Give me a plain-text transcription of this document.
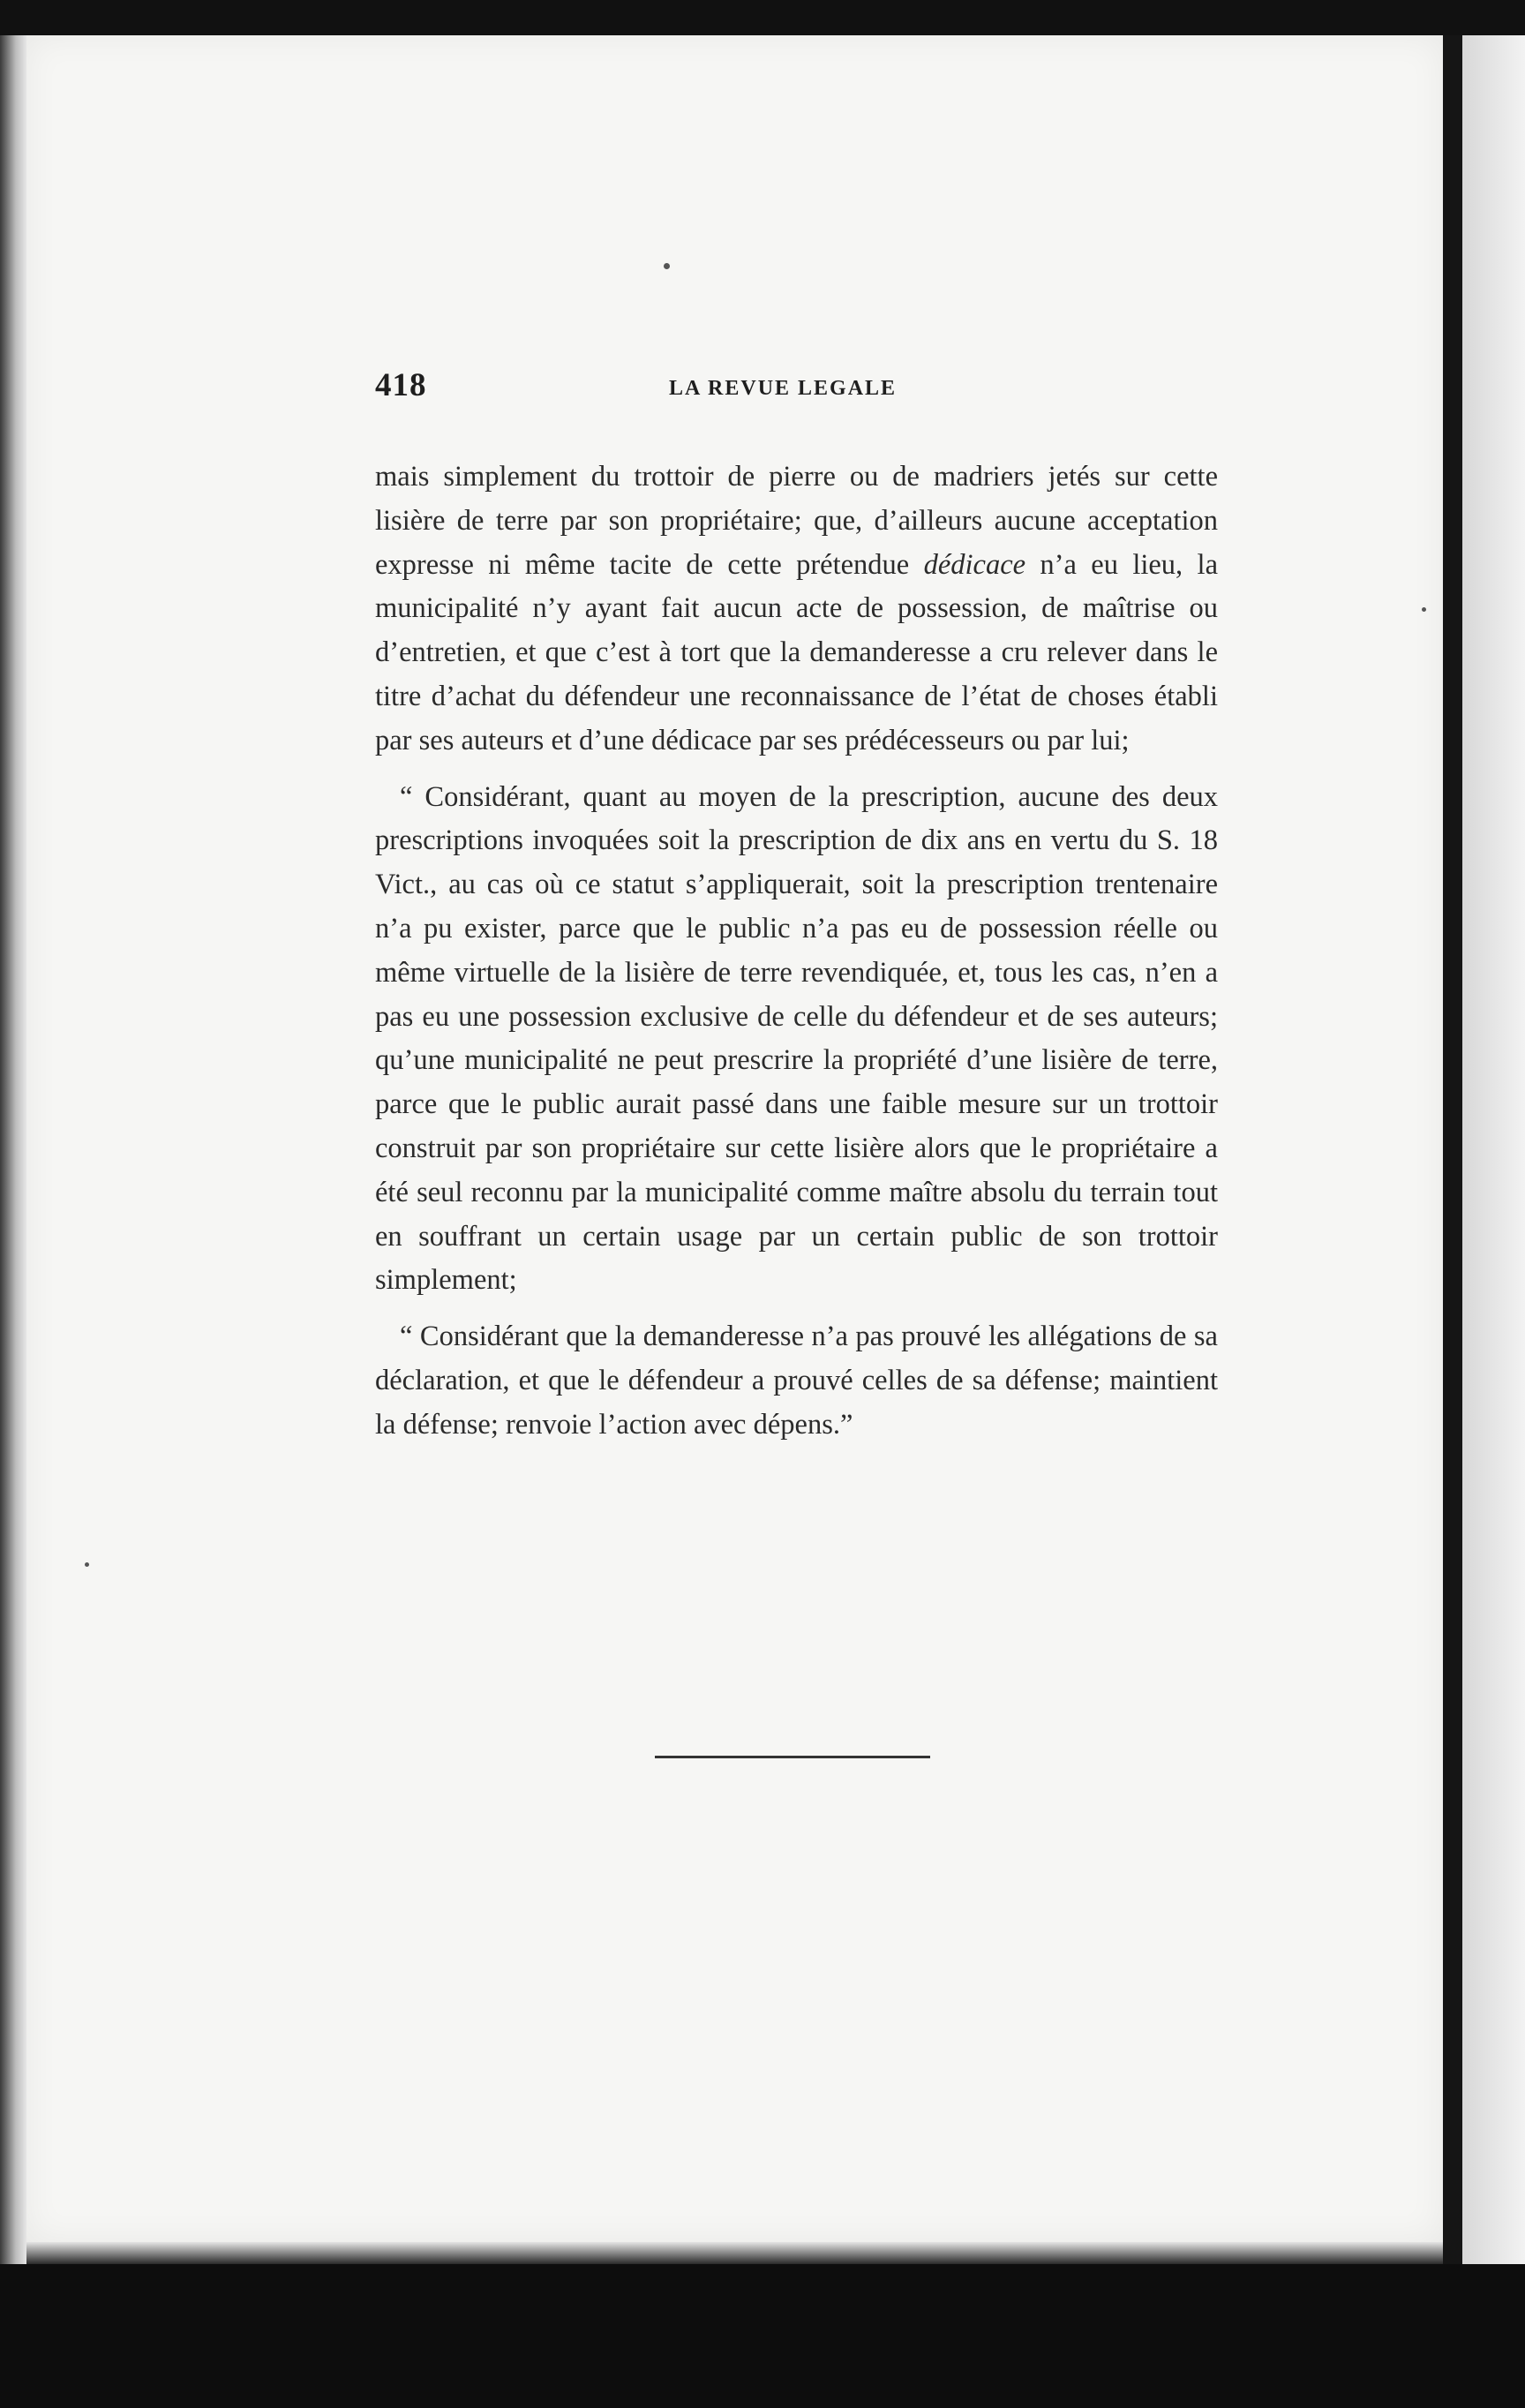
418	LA REVUE LEGALE

mais simplement du trottoir de pierre ou de madriers jetés sur cette lisière de terre par son propriétaire; que, d’ailleurs aucune acceptation expresse ni même tacite de cette prétendue dédicace n’a eu lieu, la municipalité n’y ayant fait aucun acte de possession, de maîtrise ou d’entretien, et que c’est à tort que la demanderesse a cru relever dans le titre d’achat du défendeur une reconnaissance de l’état de choses établi par ses auteurs et d’une dédicace par ses prédécesseurs ou par lui;

“ Considérant, quant au moyen de la prescription, aucune des deux prescriptions invoquées soit la prescription de dix ans en vertu du S. 18 Vict., au cas où ce statut s’appliquerait, soit la prescription trentenaire n’a pu exister, parce que le public n’a pas eu de possession réelle ou même virtuelle de la lisière de terre revendiquée, et, tous les cas, n’en a pas eu une possession exclusive de celle du défendeur et de ses auteurs; qu’une municipalité ne peut prescrire la propriété d’une lisière de terre, parce que le public aurait passé dans une faible mesure sur un trottoir construit par son propriétaire sur cette lisière alors que le propriétaire a été seul reconnu par la municipalité comme maître absolu du terrain tout en souffrant un certain usage par un certain public de son trottoir simplement;

“ Considérant que la demanderesse n’a pas prouvé les allégations de sa déclaration, et que le défendeur a prouvé celles de sa défense; maintient la défense; renvoie l’action avec dépens.”
